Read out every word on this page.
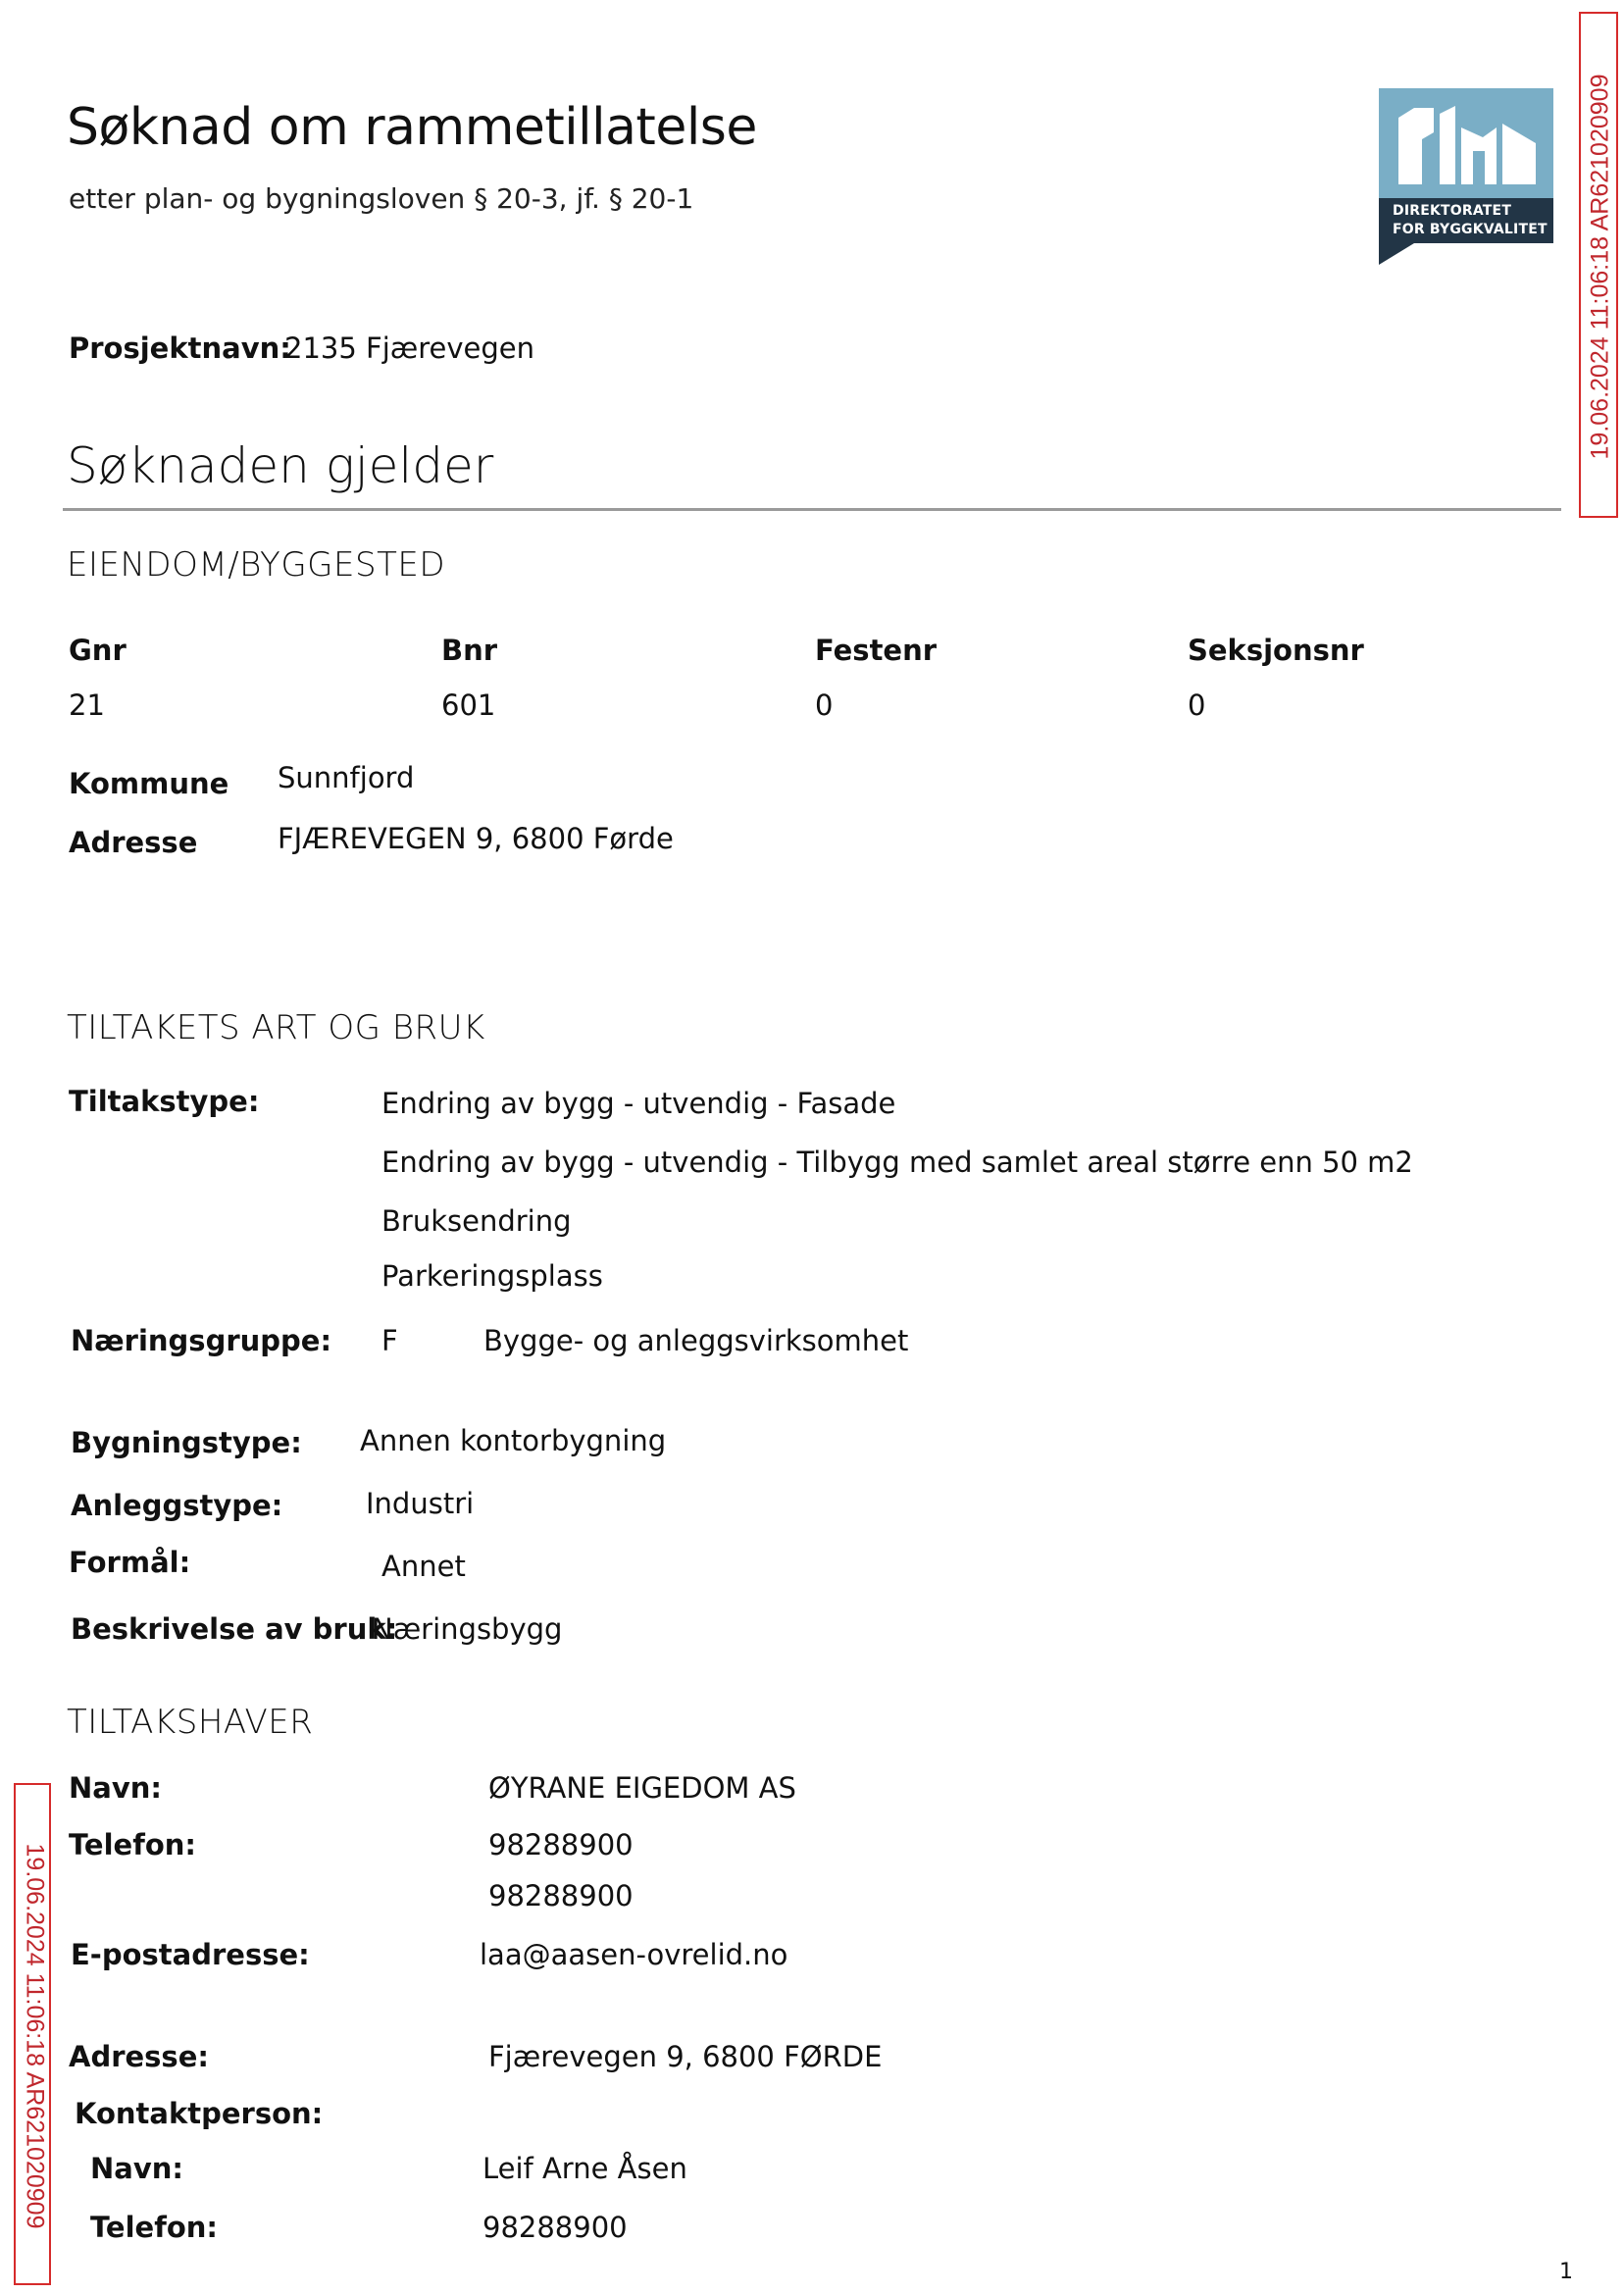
Søknad om rammetillatelse
etter plan- og bygningsloven § 20-3, jf. § 20-1	DIREKTORATET
FOR BYGGKVALITET 19.06.2024 11:06:18 AR621020909
19.06.2024 11:06:18 AR621020909
Prosjektnavn:
2135 Fjærevegen
Søknaden gjelder
EIENDOM/BYGGESTED
Gnr	Bnr	Festenr	Seksjonsnr
21	601	0	0
Kommune Sunnfjord
Adresse	FJÆREVEGEN 9, 6800 Førde
TILTAKETS ART OG BRUK
Tiltakstype:	Endring av bygg - utvendig - Fasade
Endring av bygg - utvendig - Tilbygg med samlet areal større enn 50 m2
Bruksendring
Parkeringsplass
Næringsgruppe: F	Bygge- og anleggsvirksomhet
Bygningstype: Annen kontorbygning
Anleggstype:	Industri
Formål:	Annet
Beskrivelse av bruk:
Næringsbygg
TILTAKSHAVER
Navn:	ØYRANE EIGEDOM AS
Telefon:	98288900
98288900
E-postadresse:	laa@aasen-ovrelid.no
Adresse:	Fjærevegen 9, 6800 FØRDE
Kontaktperson:
Navn:	Leif Arne Åsen
Telefon:	98288900
1
